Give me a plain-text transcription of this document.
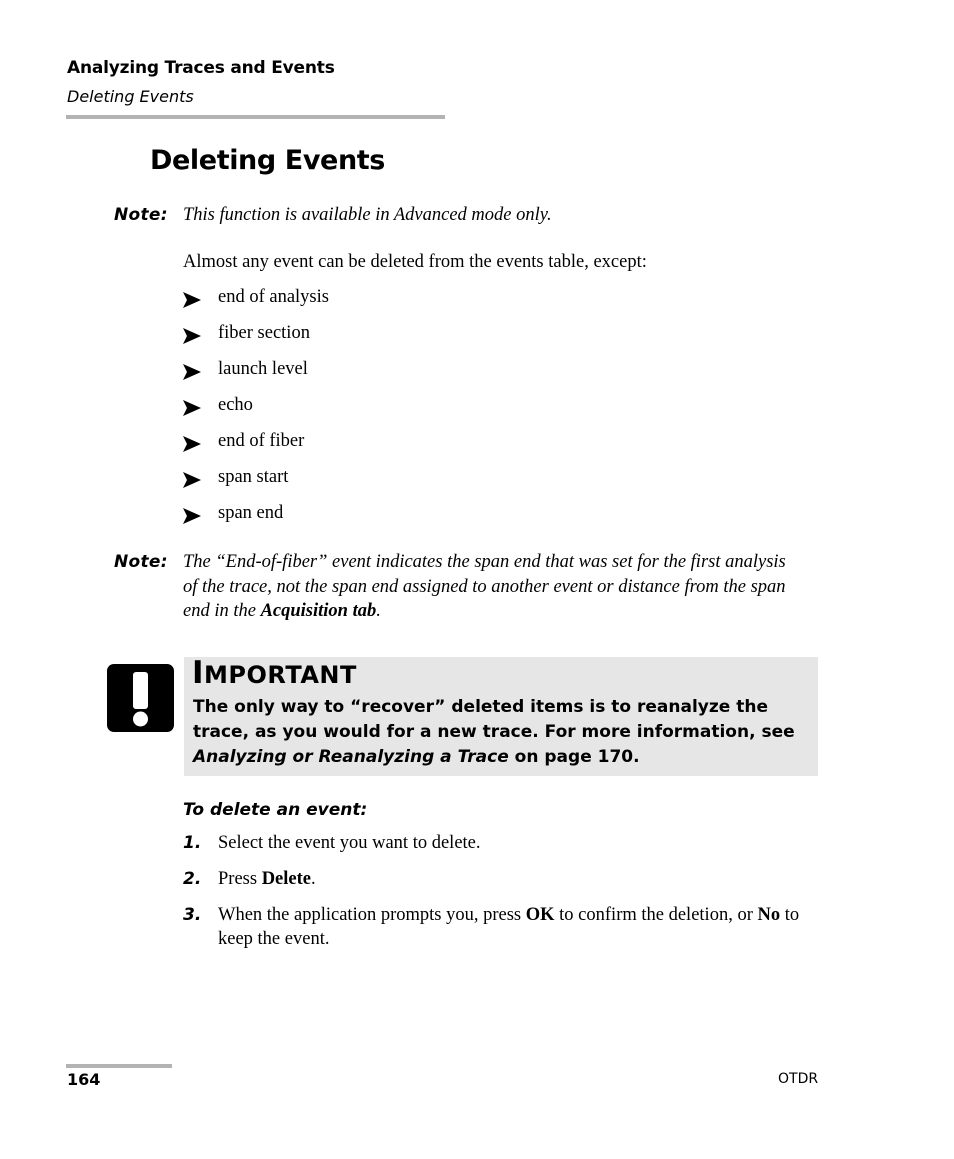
Analyzing Traces and Events
Deleting Events
Deleting Events
Note: This function is available in Advanced mode only.
Almost any event can be deleted from the events table, except:
end of analysis
fiber section
launch level
echo
end of fiber
span start
span end
Note: The “End-of-fiber” event indicates the span end that was set for the first analysis of the trace, not the span end assigned to another event or distance from the span end in the Acquisition tab.
IMPORTANT
The only way to “recover” deleted items is to reanalyze the trace, as you would for a new trace. For more information, see Analyzing or Reanalyzing a Trace on page 170.
To delete an event:
1. Select the event you want to delete.
2. Press Delete.
3. When the application prompts you, press OK to confirm the deletion, or No to keep the event.
164	OTDR
